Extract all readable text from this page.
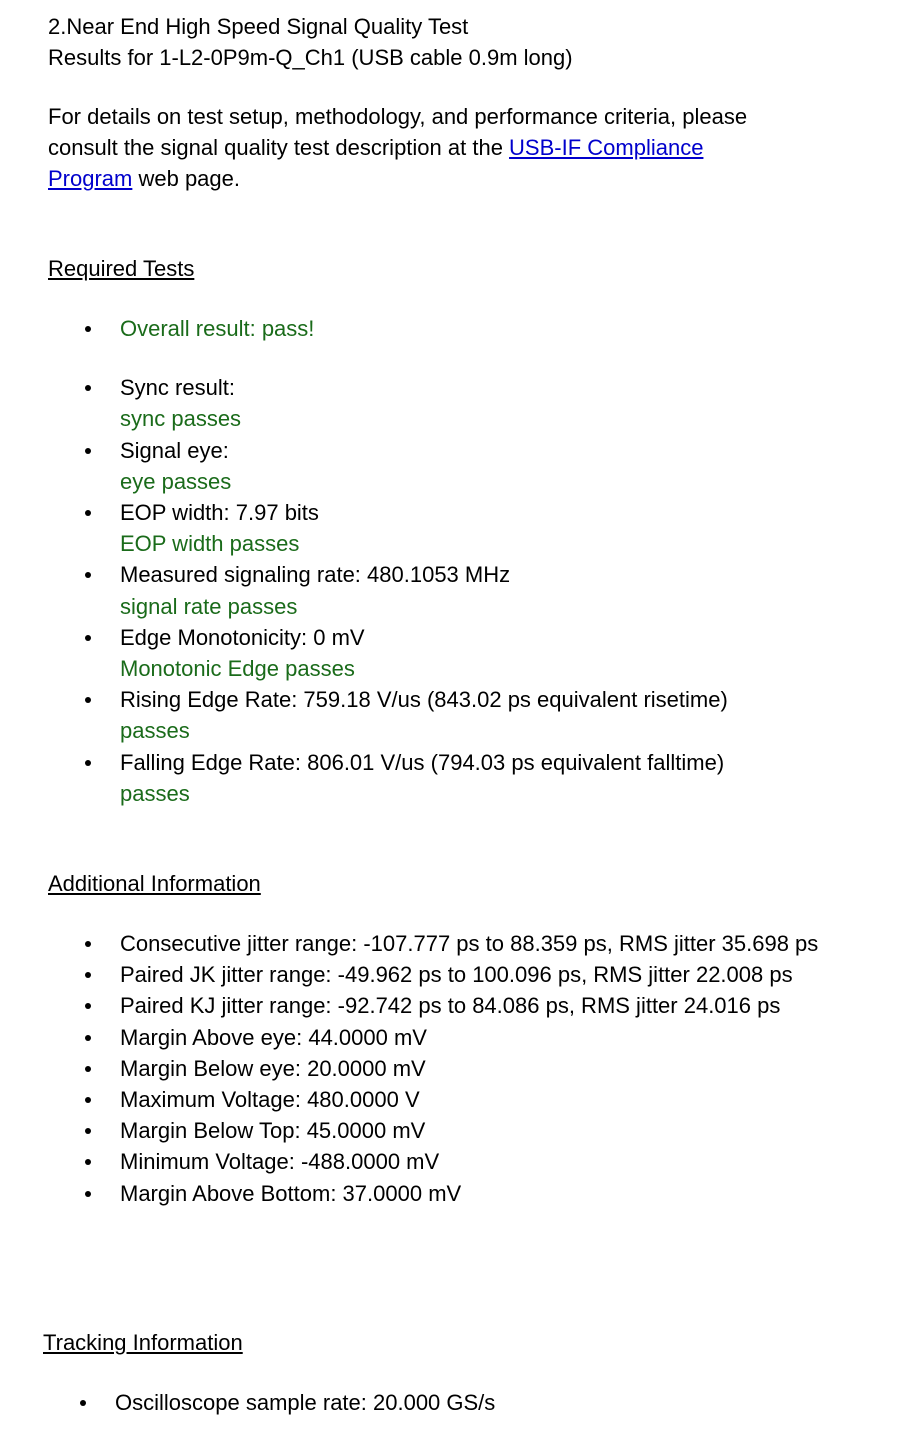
2.Near End High Speed Signal Quality Test
Results for 1-L2-0P9m-Q_Ch1 (USB cable 0.9m long)
For details on test setup, methodology, and performance criteria, please
consult the signal quality test description at the USB-IF Compliance
Program web page.
Required Tests
Overall result: pass!
Sync result:
sync passes
Signal eye:
eye passes
EOP width: 7.97 bits
EOP width passes
Measured signaling rate: 480.1053 MHz
signal rate passes
Edge Monotonicity: 0 mV
Monotonic Edge passes
Rising Edge Rate: 759.18 V/us (843.02 ps equivalent risetime)
passes
Falling Edge Rate: 806.01 V/us (794.03 ps equivalent falltime)
passes
Additional Information
Consecutive jitter range: -107.777 ps to 88.359 ps, RMS jitter 35.698 ps
Paired JK jitter range: -49.962 ps to 100.096 ps, RMS jitter 22.008 ps
Paired KJ jitter range: -92.742 ps to 84.086 ps, RMS jitter 24.016 ps
Margin Above eye: 44.0000 mV
Margin Below eye: 20.0000 mV
Maximum Voltage: 480.0000 V
Margin Below Top: 45.0000 mV
Minimum Voltage: -488.0000 mV
Margin Above Bottom: 37.0000 mV
Tracking Information
Oscilloscope sample rate: 20.000 GS/s
